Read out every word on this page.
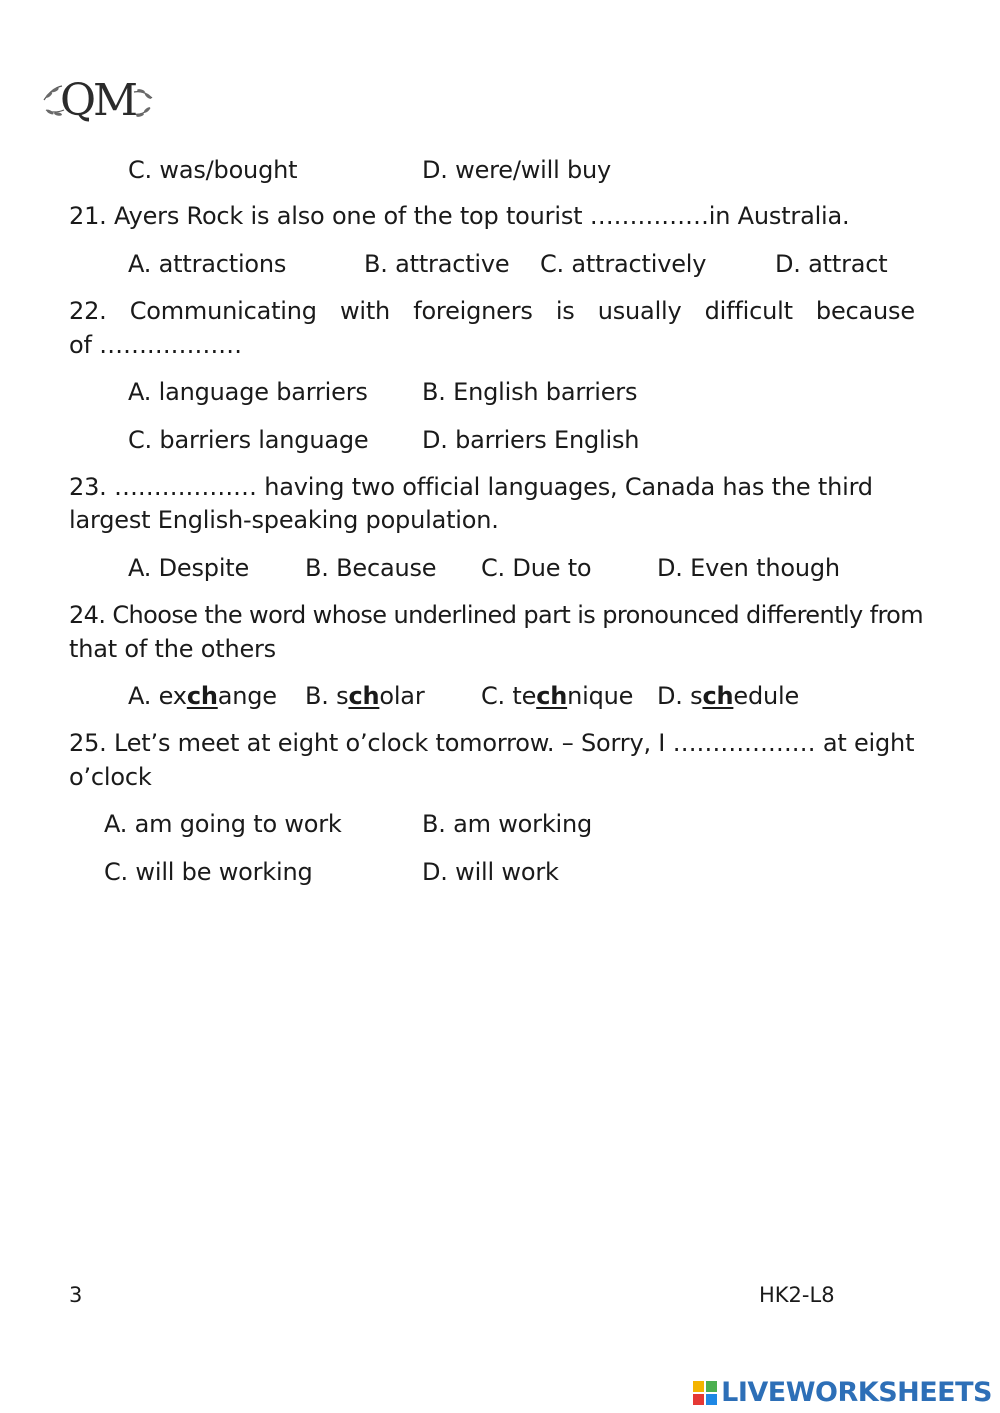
QM
C. was/bought	D. were/will buy
21. Ayers Rock is also one of the top tourist ……………in Australia.
A. attractions	B. attractive C. attractively	D. attract
22. Communicating with foreigners is usually difficult because
of ………………
A. language barriers B. English barriers
C. barriers language D. barriers English
23. ……………… having two official languages, Canada has the third
largest English-speaking population.
A. Despite B. Because C. Due to	D. Even though
24. Choose the word whose underlined part is pronounced differently from
that of the others
A. exchange B. scholar C. technique D. schedule
25. Let’s meet at eight o’clock tomorrow. – Sorry, I ……………… at eight
o’clock
A. am going to work	B. am working
C. will be working	D. will work
3	HK2-L8
LIVEWORKSHEETS
